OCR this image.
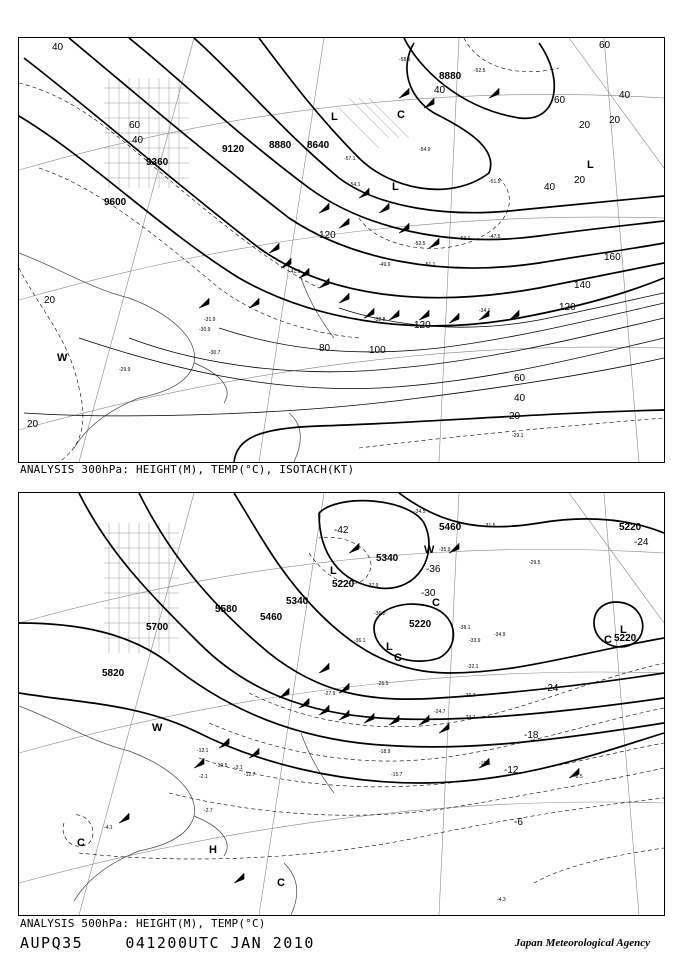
9600
9360
9120 8880 8640
8880
40
40
60
60
40
20
40
20
20
20
60
40
20
80	100
120
120
140
160
120
60
40
20
-30.7
-29.9
-29.1
-31.9
-30.9
-34.1
-32.8
-41.9
-49.9	-51.1
-52.5
-54.1
-54.9
-57.1
-51.5
-58.5
-52.5
-53.1	-47.5
L	C
L
L
W
ANALYSIS 300hPa: HEIGHT(M), TEMP(°C), ISOTACH(KT)
5820
5700
5580
5460
5340
5340
5220
5220
5460
5220
5220
-42
-36
-30
-24
-18
-12
-6
-24
-34.5
-31.5
-35.9
-37.9
-36.1
-36.2
-38.1
-33.9
-34.9
-32.1
-26.7
-25.5
-23.7
-24.7
-27.9
-12.1
-10.5
-12.7	-15.7
-15.5
-18.9
-8.5
-3.1
-2.1
-2.7
-4.1
-4.3
-29.5
L
C
L
L
C
C
W
W
C
H
C
ANALYSIS 500hPa: HEIGHT(M), TEMP(°C)
AUPQ35	041200UTC JAN 2010	Japan Meteorological Agency
